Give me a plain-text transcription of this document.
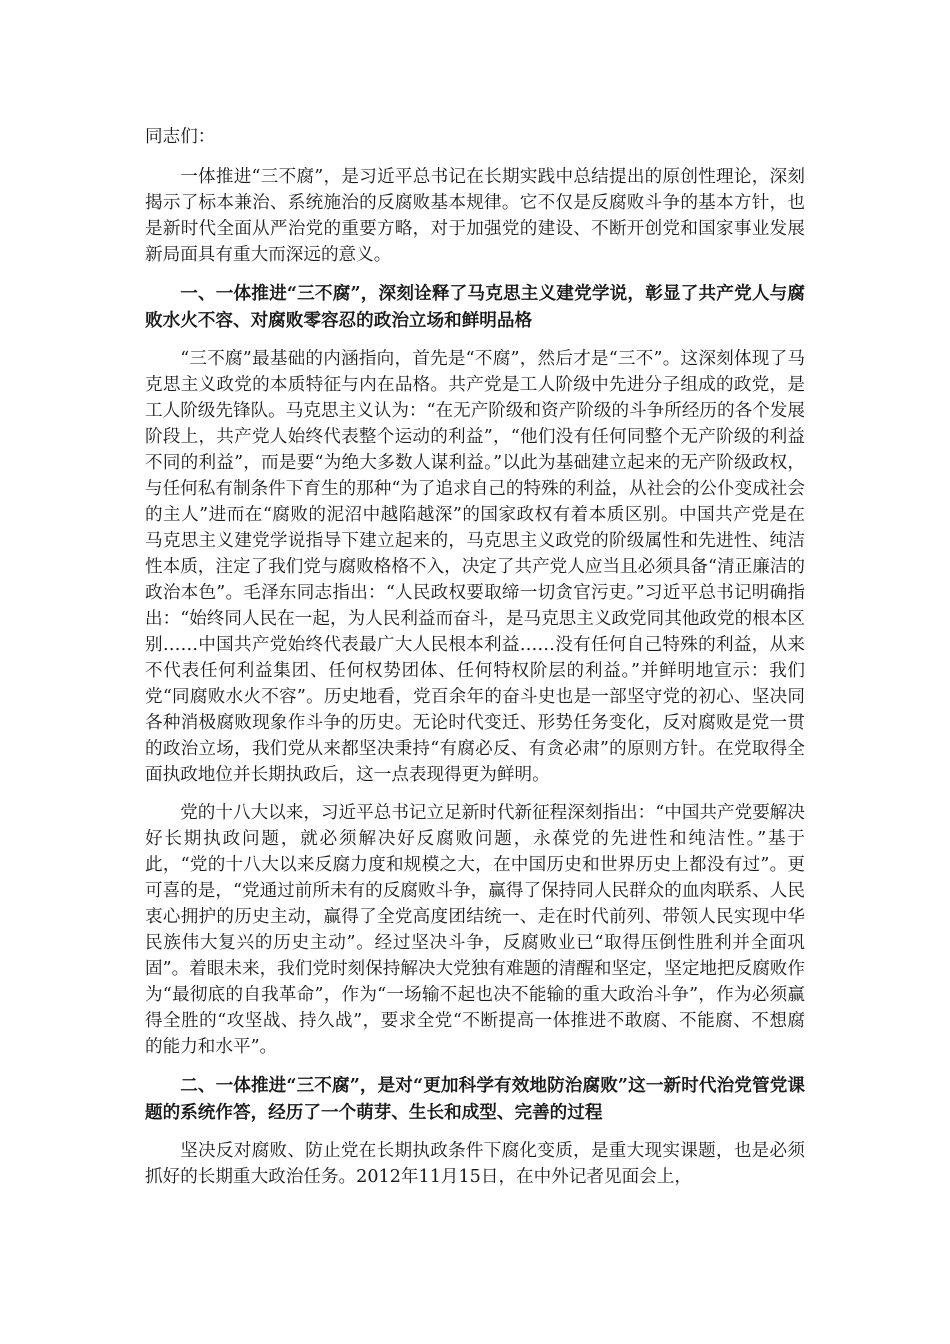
同志们：

一体推进“三不腐”，是习近平总书记在长期实践中总结提出的原创性理论，深刻揭示了标本兼治、系统施治的反腐败基本规律。它不仅是反腐败斗争的基本方针，也是新时代全面从严治党的重要方略，对于加强党的建设、不断开创党和国家事业发展新局面具有重大而深远的意义。

一、一体推进“三不腐”，深刻诠释了马克思主义建党学说，彰显了共产党人与腐败水火不容、对腐败零容忍的政治立场和鲜明品格

“三不腐”最基础的内涵指向，首先是“不腐”，然后才是“三不”。这深刻体现了马克思主义政党的本质特征与内在品格。共产党是工人阶级中先进分子组成的政党，是工人阶级先锋队。马克思主义认为：“在无产阶级和资产阶级的斗争所经历的各个发展阶段上，共产党人始终代表整个运动的利益”，“他们没有任何同整个无产阶级的利益不同的利益”，而是要“为绝大多数人谋利益。”以此为基础建立起来的无产阶级政权，与任何私有制条件下育生的那种“为了追求自己的特殊的利益，从社会的公仆变成社会的主人”进而在“腐败的泥沼中越陷越深”的国家政权有着本质区别。中国共产党是在马克思主义建党学说指导下建立起来的，马克思主义政党的阶级属性和先进性、纯洁性本质，注定了我们党与腐败格格不入，决定了共产党人应当且必须具备“清正廉洁的政治本色”。毛泽东同志指出：“人民政权要取缔一切贪官污吏。”习近平总书记明确指出：“始终同人民在一起，为人民利益而奋斗，是马克思主义政党同其他政党的根本区别……中国共产党始终代表最广大人民根本利益……没有任何自己特殊的利益，从来不代表任何利益集团、任何权势团体、任何特权阶层的利益。”并鲜明地宣示：我们党“同腐败水火不容”。历史地看，党百余年的奋斗史也是一部坚守党的初心、坚决同各种消极腐败现象作斗争的历史。无论时代变迁、形势任务变化，反对腐败是党一贯的政治立场，我们党从来都坚决秉持“有腐必反、有贪必肃”的原则方针。在党取得全面执政地位并长期执政后，这一点表现得更为鲜明。

党的十八大以来，习近平总书记立足新时代新征程深刻指出：“中国共产党要解决好长期执政问题，就必须解决好反腐败问题，永葆党的先进性和纯洁性。”基于此，“党的十八大以来反腐力度和规模之大，在中国历史和世界历史上都没有过”。更可喜的是，“党通过前所未有的反腐败斗争，赢得了保持同人民群众的血肉联系、人民衷心拥护的历史主动，赢得了全党高度团结统一、走在时代前列、带领人民实现中华民族伟大复兴的历史主动”。经过坚决斗争，反腐败业已“取得压倒性胜利并全面巩固”。着眼未来，我们党时刻保持解决大党独有难题的清醒和坚定，坚定地把反腐败作为“最彻底的自我革命”，作为“一场输不起也决不能输的重大政治斗争”，作为必须赢得全胜的“攻坚战、持久战”，要求全党“不断提高一体推进不敢腐、不能腐、不想腐的能力和水平”。

二、一体推进“三不腐”，是对“更加科学有效地防治腐败”这一新时代治党管党课题的系统作答，经历了一个萌芽、生长和成型、完善的过程

坚决反对腐败、防止党在长期执政条件下腐化变质，是重大现实课题，也是必须抓好的长期重大政治任务。2012年11月15日，在中外记者见面会上，
